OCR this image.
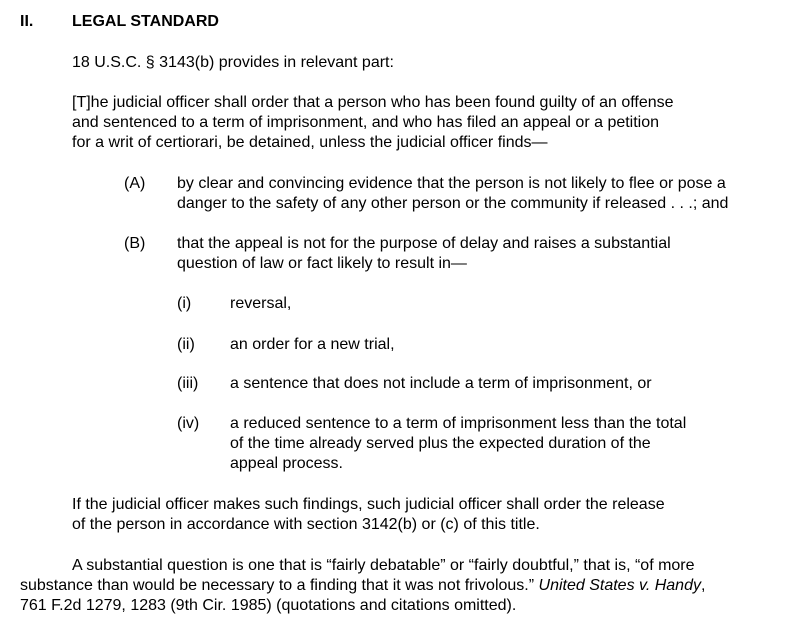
II. LEGAL STANDARD
18 U.S.C. § 3143(b) provides in relevant part:
[T]he judicial officer shall order that a person who has been found guilty of an offense
and sentenced to a term of imprisonment, and who has filed an appeal or a petition
for a writ of certiorari, be detained, unless the judicial officer finds—
(A) by clear and convincing evidence that the person is not likely to flee or pose a
danger to the safety of any other person or the community if released . . .; and
(B) that the appeal is not for the purpose of delay and raises a substantial
question of law or fact likely to result in—
(i) reversal,
(ii) an order for a new trial,
(iii) a sentence that does not include a term of imprisonment, or
(iv) a reduced sentence to a term of imprisonment less than the total
of the time already served plus the expected duration of the
appeal process.
If the judicial officer makes such findings, such judicial officer shall order the release
of the person in accordance with section 3142(b) or (c) of this title.
A substantial question is one that is “fairly debatable” or “fairly doubtful,” that is, “of more
substance than would be necessary to a finding that it was not frivolous.” United States v. Handy,
761 F.2d 1279, 1283 (9th Cir. 1985) (quotations and citations omitted).
